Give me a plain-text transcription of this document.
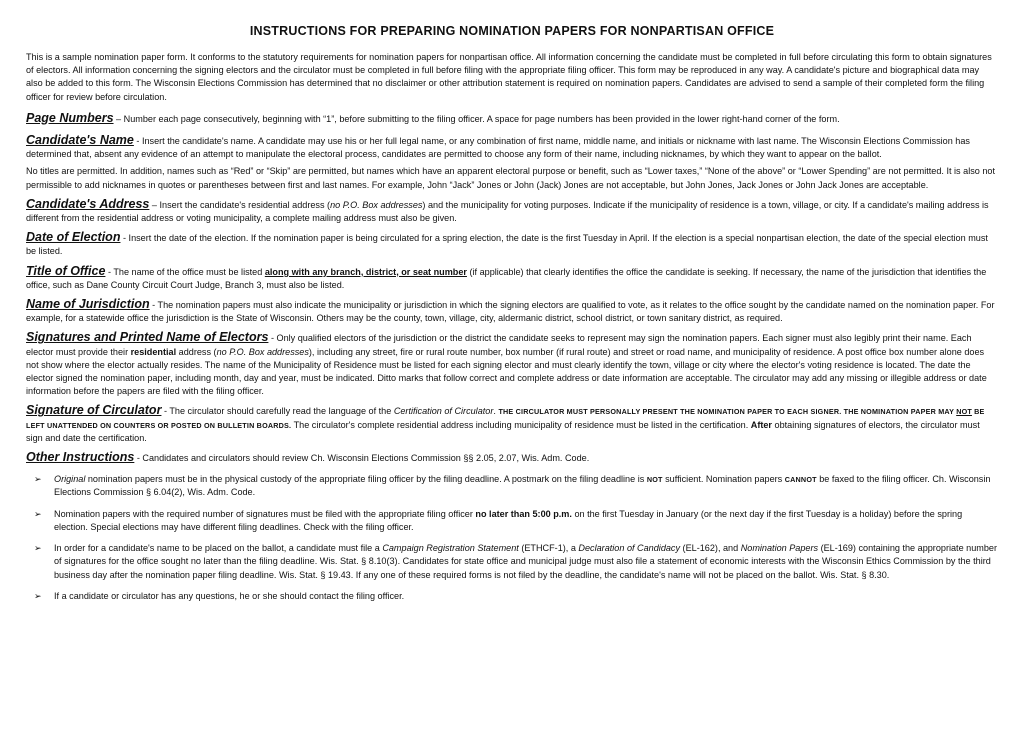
INSTRUCTIONS FOR PREPARING NOMINATION PAPERS FOR NONPARTISAN OFFICE

This is a sample nomination paper form. It conforms to the statutory requirements for nomination papers for nonpartisan office. All information concerning the candidate must be completed in full before circulating this form to obtain signatures of electors. All information concerning the signing electors and the circulator must be completed in full before filing with the appropriate filing officer. This form may be reproduced in any way. A candidate's picture and biographical data may also be added to this form. The Wisconsin Elections Commission has determined that no disclaimer or other attribution statement is required on nomination papers. Candidates are advised to send a sample of their completed form the filing officer for review before circulation.

Page Numbers – Number each page consecutively, beginning with “1”, before submitting to the filing officer. A space for page numbers has been provided in the lower right-hand corner of the form.

Candidate's Name - Insert the candidate's name. A candidate may use his or her full legal name, or any combination of first name, middle name, and initials or nickname with last name. The Wisconsin Elections Commission has determined that, absent any evidence of an attempt to manipulate the electoral process, candidates are permitted to choose any form of their name, including nicknames, by which they want to appear on the ballot.

No titles are permitted. In addition, names such as “Red” or “Skip” are permitted, but names which have an apparent electoral purpose or benefit, such as “Lower taxes,” “None of the above” or “Lower Spending” are not permitted. It is also not permissible to add nicknames in quotes or parentheses between first and last names. For example, John “Jack” Jones or John (Jack) Jones are not acceptable, but John Jones, Jack Jones or John Jack Jones are acceptable.

Candidate's Address – Insert the candidate's residential address (no P.O. Box addresses) and the municipality for voting purposes. Indicate if the municipality of residence is a town, village, or city. If a candidate's mailing address is different from the residential address or voting municipality, a complete mailing address must also be given.

Date of Election - Insert the date of the election. If the nomination paper is being circulated for a spring election, the date is the first Tuesday in April. If the election is a special nonpartisan election, the date of the special election must be listed.

Title of Office - The name of the office must be listed along with any branch, district, or seat number (if applicable) that clearly identifies the office the candidate is seeking. If necessary, the name of the jurisdiction that identifies the office, such as Dane County Circuit Court Judge, Branch 3, must also be listed.

Name of Jurisdiction - The nomination papers must also indicate the municipality or jurisdiction in which the signing electors are qualified to vote, as it relates to the office sought by the candidate named on the nomination paper. For example, for a statewide office the jurisdiction is the State of Wisconsin. Others may be the county, town, village, city, aldermanic district, school district, or town sanitary district, as required.

Signatures and Printed Name of Electors - Only qualified electors of the jurisdiction or the district the candidate seeks to represent may sign the nomination papers. Each signer must also legibly print their name. Each elector must provide their residential address (no P.O. Box addresses), including any street, fire or rural route number, box number (if rural route) and street or road name, and municipality of residence. A post office box number alone does not show where the elector actually resides. The name of the Municipality of Residence must be listed for each signing elector and must clearly identify the town, village or city where the elector's voting residence is located. The date the elector signed the nomination paper, including month, day and year, must be indicated. Ditto marks that follow correct and complete address or date information are acceptable. The circulator may add any missing or illegible address or date information before the papers are filed with the filing officer.

Signature of Circulator - The circulator should carefully read the language of the Certification of Circulator. THE CIRCULATOR MUST PERSONALLY PRESENT THE NOMINATION PAPER TO EACH SIGNER. THE NOMINATION PAPER MAY NOT BE LEFT UNATTENDED ON COUNTERS OR POSTED ON BULLETIN BOARDS. The circulator's complete residential address including municipality of residence must be listed in the certification. After obtaining signatures of electors, the circulator must sign and date the certification.

Other Instructions - Candidates and circulators should review Ch. Wisconsin Elections Commission §§ 2.05, 2.07, Wis. Adm. Code.

➢ Original nomination papers must be in the physical custody of the appropriate filing officer by the filing deadline. A postmark on the filing deadline is NOT sufficient. Nomination papers CANNOT be faxed to the filing officer. Ch. Wisconsin Elections Commission § 6.04(2), Wis. Adm. Code.
➢ Nomination papers with the required number of signatures must be filed with the appropriate filing officer no later than 5:00 p.m. on the first Tuesday in January (or the next day if the first Tuesday is a holiday) before the spring election. Special elections may have different filing deadlines. Check with the filing officer.
➢ In order for a candidate's name to be placed on the ballot, a candidate must file a Campaign Registration Statement (ETHCF-1), a Declaration of Candidacy (EL-162), and Nomination Papers (EL-169) containing the appropriate number of signatures for the office sought no later than the filing deadline. Wis. Stat. § 8.10(3). Candidates for state office and municipal judge must also file a statement of economic interests with the Wisconsin Ethics Commission by the third business day after the nomination paper filing deadline. Wis. Stat. § 19.43. If any one of these required forms is not filed by the deadline, the candidate's name will not be placed on the ballot. Wis. Stat. § 8.30.
➢ If a candidate or circulator has any questions, he or she should contact the filing officer.
